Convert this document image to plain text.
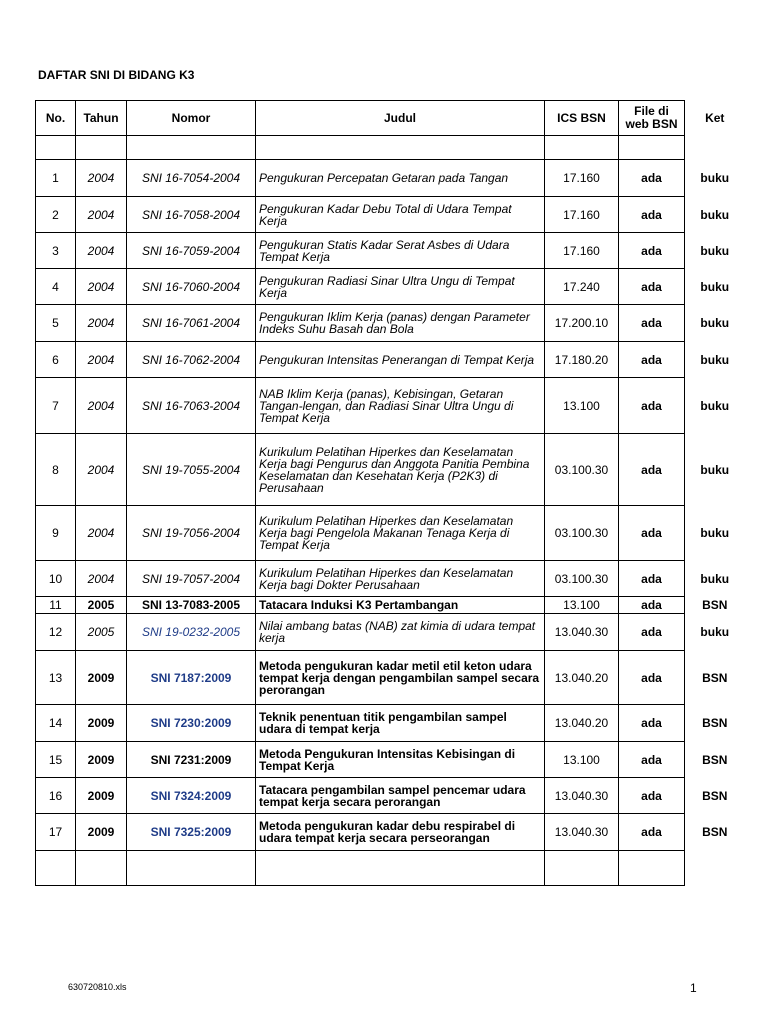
DAFTAR SNI DI BIDANG K3
No.	Tahun	Nomor	Judul	ICS BSN	File di
web BSN	Ket

1	2004	SNI 16-7054-2004	Pengukuran Percepatan Getaran pada Tangan	17.160	ada	buku
2	2004	SNI 16-7058-2004	Pengukuran Kadar Debu Total di Udara Tempat Kerja	17.160	ada	buku
3	2004	SNI 16-7059-2004	Pengukuran Statis Kadar Serat Asbes di Udara Tempat Kerja	17.160	ada	buku
4	2004	SNI 16-7060-2004	Pengukuran Radiasi Sinar Ultra Ungu di Tempat Kerja	17.240	ada	buku
5	2004	SNI 16-7061-2004	Pengukuran Iklim Kerja (panas) dengan Parameter Indeks Suhu Basah dan Bola	17.200.10	ada	buku
6	2004	SNI 16-7062-2004	Pengukuran Intensitas Penerangan di Tempat Kerja	17.180.20	ada	buku
7	2004	SNI 16-7063-2004	NAB Iklim Kerja (panas), Kebisingan, Getaran Tangan-lengan, dan Radiasi Sinar Ultra Ungu di Tempat Kerja	13.100	ada	buku
8	2004	SNI 19-7055-2004	Kurikulum Pelatihan Hiperkes dan Keselamatan Kerja bagi Pengurus dan Anggota Panitia Pembina Keselamatan dan Kesehatan Kerja (P2K3) di Perusahaan	03.100.30	ada	buku
9	2004	SNI 19-7056-2004	Kurikulum Pelatihan Hiperkes dan Keselamatan Kerja bagi Pengelola Makanan Tenaga Kerja di Tempat Kerja	03.100.30	ada	buku
10	2004	SNI 19-7057-2004	Kurikulum Pelatihan Hiperkes dan Keselamatan Kerja bagi Dokter Perusahaan	03.100.30	ada	buku
11	2005	SNI 13-7083-2005	Tatacara Induksi K3 Pertambangan	13.100	ada	BSN
12	2005	SNI 19-0232-2005	Nilai ambang batas (NAB) zat kimia di udara tempat kerja	13.040.30	ada	buku
13	2009	SNI 7187:2009	Metoda pengukuran kadar metil etil keton udara tempat kerja dengan pengambilan sampel secara perorangan	13.040.20	ada	BSN
14	2009	SNI 7230:2009	Teknik penentuan titik pengambilan sampel udara di tempat kerja	13.040.20	ada	BSN
15	2009	SNI 7231:2009	Metoda Pengukuran Intensitas Kebisingan di Tempat Kerja	13.100	ada	BSN
16	2009	SNI 7324:2009	Tatacara pengambilan sampel pencemar udara tempat kerja secara perorangan	13.040.30	ada	BSN
17	2009	SNI 7325:2009	Metoda pengukuran kadar debu respirabel di udara tempat kerja secara perseorangan	13.040.30	ada	BSN

630720810.xls	1
